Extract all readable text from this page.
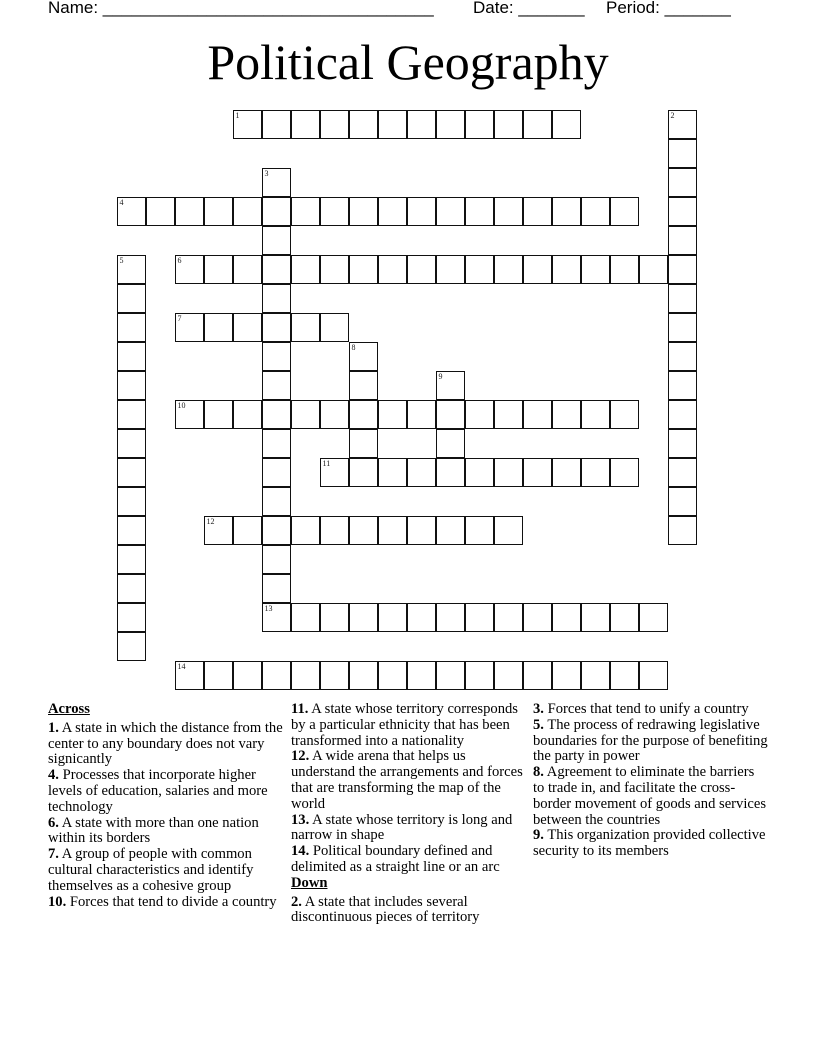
Name: ___________________________________

Date: _______

Period: _______

Political Geography
1	2
3
13
4
5	6
7
8
9
10
11
12
14
Across
1. A state in which the distance from the center to any boundary does not vary signicantly
4. Processes that incorporate higher levels of education, salaries and more technology
6. A state with more than one nation within its borders
7. A group of people with common cultural characteristics and identify themselves as a cohesive group
10. Forces that tend to divide a country
11. A state whose territory corresponds by a particular ethnicity that has been transformed into a nationality
12. A wide arena that helps us understand the arrangements and forces that are transforming the map of the world
13. A state whose territory is long and narrow in shape
14. Political boundary defined and delimited as a straight line or an arc
Down
2. A state that includes several discontinuous pieces of territory
3. Forces that tend to unify a country
5. The process of redrawing legislative boundaries for the purpose of benefiting the party in power
8. Agreement to eliminate the barriers to trade in, and facilitate the cross-border movement of goods and services between the countries
9. This organization provided collective security to its members
